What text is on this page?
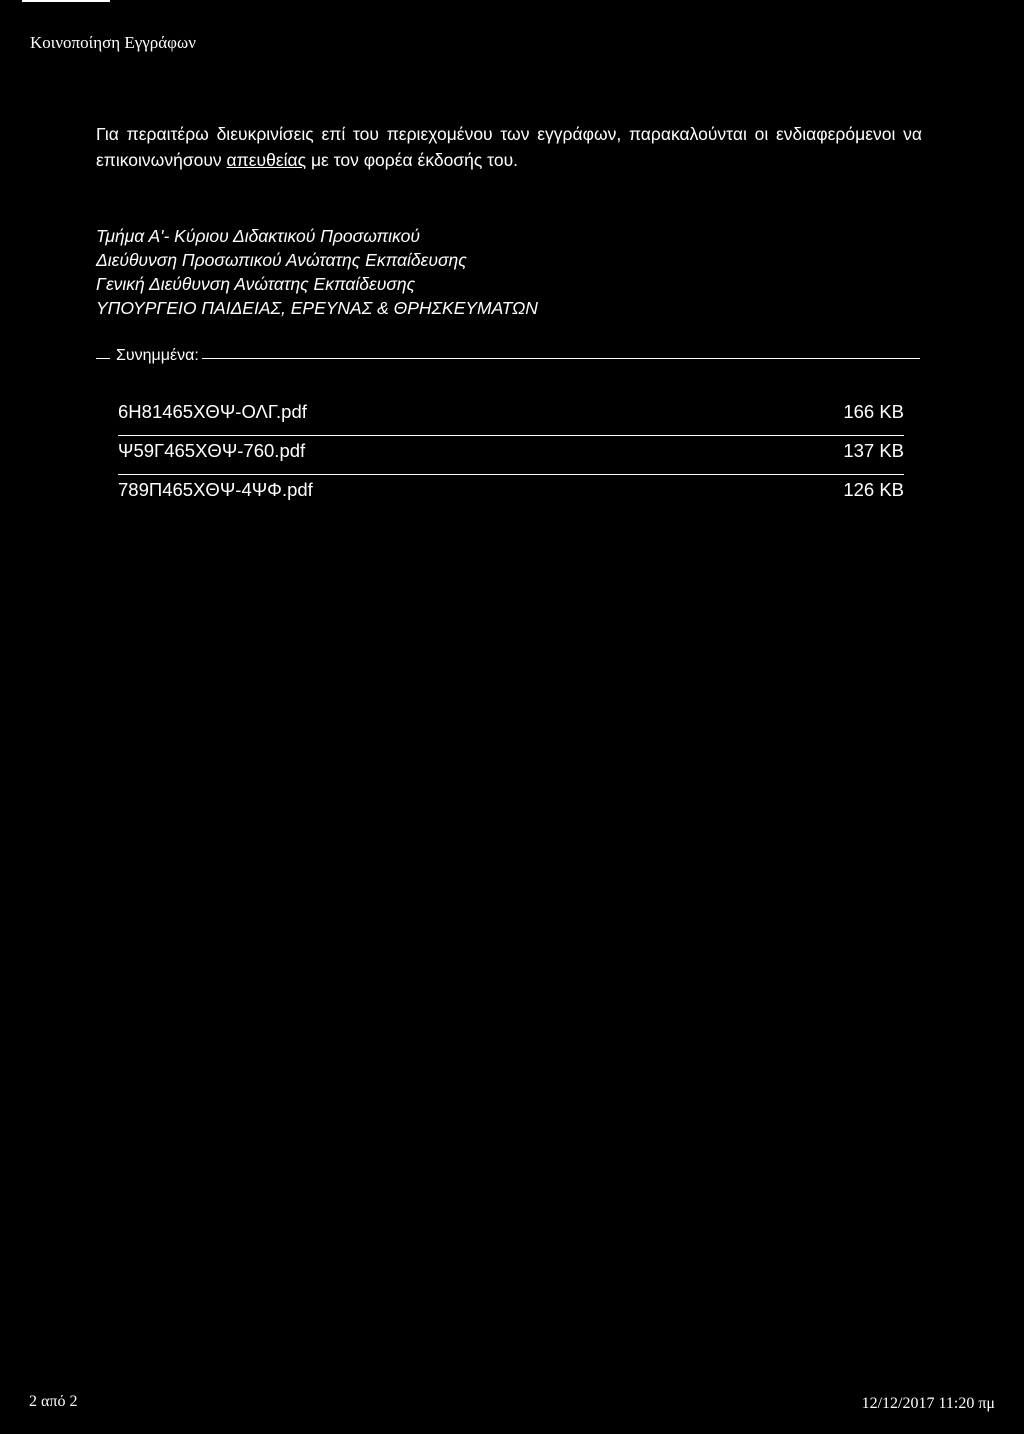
Κοινοποίηση Εγγράφων

Για περαιτέρω διευκρινίσεις επί του περιεχομένου των εγγράφων, παρακαλούνται οι ενδιαφερόμενοι να επικοινωνήσουν απευθείας με τον φορέα έκδοσής του.

Τμήμα Α'- Κύριου Διδακτικού Προσωπικού
Διεύθυνση Προσωπικού Ανώτατης Εκπαίδευσης
Γενική Διεύθυνση Ανώτατης Εκπαίδευσης
ΥΠΟΥΡΓΕΙΟ ΠΑΙΔΕΙΑΣ, ΕΡΕΥΝΑΣ & ΘΡΗΣΚΕΥΜΑΤΩΝ
Συνημμένα:
6Η81465ΧΘΨ-ΟΛΓ.pdf	166 KB
Ψ59Γ465ΧΘΨ-760.pdf	137 KB
789Π465ΧΘΨ-4ΨΦ.pdf	126 KB
2 από 2	12/12/2017 11:20 πμ
